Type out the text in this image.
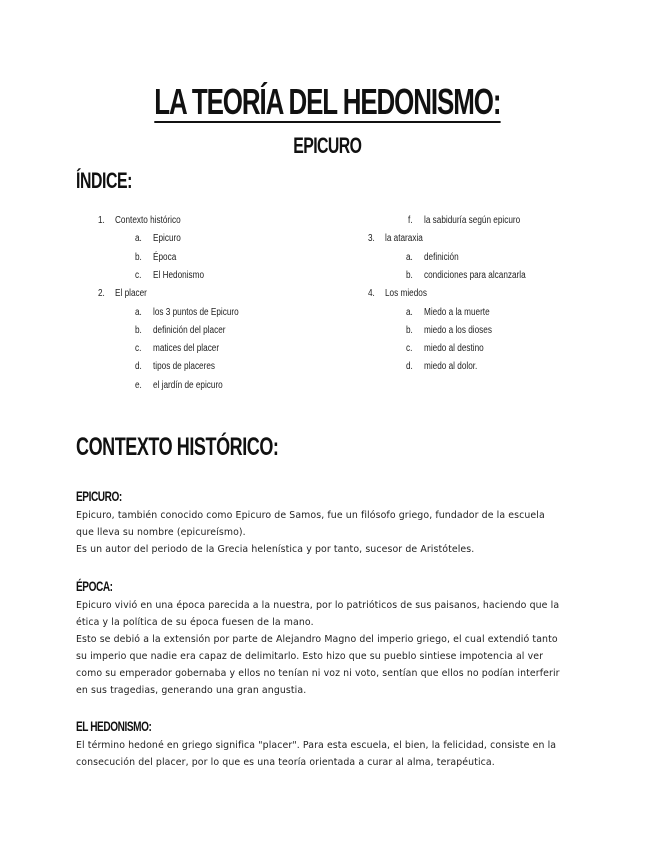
LA TEORÍA DEL HEDONISMO:
EPICURO
ÍNDICE:
1. Contexto histórico
a. Epicuro
b. Época
c. El Hedonismo
2. El placer
a. los 3 puntos de Epicuro
b. definición del placer
c. matices del placer
d. tipos de placeres
e. el jardín de epicuro
f. la sabiduría según epicuro
3. la ataraxia
a. definición
b. condiciones para alcanzarla
4. Los miedos
a. Miedo a la muerte
b. miedo a los dioses
c. miedo al destino
d. miedo al dolor.
CONTEXTO HISTÓRICO:
EPICURO:

Epicuro, también conocido como Epicuro de Samos, fue un filósofo griego, fundador de la escuela

que lleva su nombre (epicureísmo).

Es un autor del periodo de la Grecia helenística y por tanto, sucesor de Aristóteles.

ÉPOCA:

Epicuro vivió en una época parecida a la nuestra, por lo patrióticos de sus paisanos, haciendo que la

ética y la política de su época fuesen de la mano.

Esto se debió a la extensión por parte de Alejandro Magno del imperio griego, el cual extendió tanto

su imperio que nadie era capaz de delimitarlo. Esto hizo que su pueblo sintiese impotencia al ver

como su emperador gobernaba y ellos no tenían ni voz ni voto, sentían que ellos no podían interferir

en sus tragedias, generando una gran angustia.

EL HEDONISMO:

El término hedoné en griego significa "placer". Para esta escuela, el bien, la felicidad, consiste en la

consecución del placer, por lo que es una teoría orientada a curar al alma, terapéutica.
